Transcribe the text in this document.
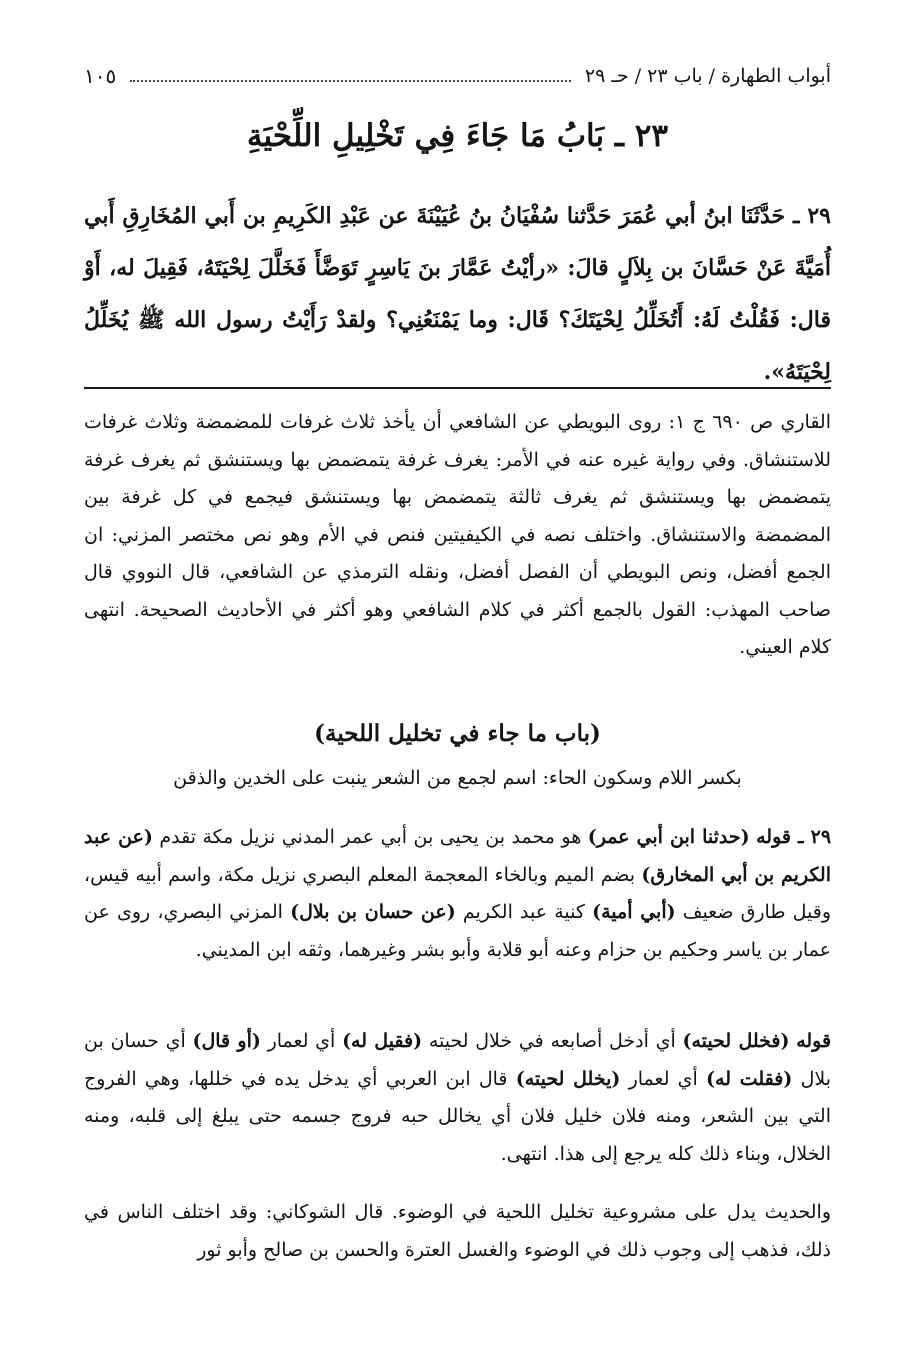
أبواب الطهارة / باب ٢٣ / حـ ٢٩
١٠٥
٢٣ ـ بَابُ مَا جَاءَ فِي تَخْلِيلِ اللِّحْيَةِ
٢٩ ـ حَدَّثَنَا ابنُ أبي عُمَرَ حَدَّثنا سُفْيَانُ بنُ عُيَيْنَةَ عن عَبْدِ الكَرِيمِ بن أَبي المُخَارِقِ أَبي أُمَيَّةَ عَنْ حَسَّانَ بن بِلاَلٍ قالَ: «رأيْتُ عَمَّارَ بنَ يَاسِرٍ تَوَضَّأَ فَخَلَّلَ لِحْيَتَهُ، فَقِيلَ له، أَوْ قال: فَقُلْتُ لَهُ: أَتُخَلِّلُ لِحْيَتَكَ؟ قَال: وما يَمْنَعُنِي؟ ولقدْ رَأَيْتُ رسول الله ﷺ يُخَلِّلُ لِحْيَتَهُ».
القاري ص ٦٩٠ ج ١: روى البويطي عن الشافعي أن يأخذ ثلاث غرفات للمضمضة وثلاث غرفات للاستنشاق. وفي رواية غيره عنه في الأمر: يغرف غرفة يتمضمض بها ويستنشق ثم يغرف غرفة يتمضمض بها ويستنشق ثم يغرف ثالثة يتمضمض بها ويستنشق فيجمع في كل غرفة بين المضمضة والاستنشاق. واختلف نصه في الكيفيتين فنص في الأم وهو نص مختصر المزني: ان الجمع أفضل، ونص البويطي أن الفصل أفضل، ونقله الترمذي عن الشافعي، قال النووي قال صاحب المهذب: القول بالجمع أكثر في كلام الشافعي وهو أكثر في الأحاديث الصحيحة. انتهى كلام العيني.
(باب ما جاء في تخليل اللحية)
بكسر اللام وسكون الحاء: اسم لجمع من الشعر ينبت على الخدين والذقن
٢٩ ـ قوله (حدثنا ابن أبي عمر) هو محمد بن يحيى بن أبي عمر المدني نزيل مكة تقدم (عن عبد الكريم بن أبي المخارق) بضم الميم وبالخاء المعجمة المعلم البصري نزيل مكة، واسم أبيه قيس، وقيل طارق ضعيف (أبي أمية) كنية عبد الكريم (عن حسان بن بلال) المزني البصري، روى عن عمار بن ياسر وحكيم بن حزام وعنه أبو قلابة وأبو بشر وغيرهما، وثقه ابن المديني.
قوله (فخلل لحيته) أي أدخل أصابعه في خلال لحيته (فقيل له) أي لعمار (أو قال) أي حسان بن بلال (فقلت له) أي لعمار (يخلل لحيته) قال ابن العربي أي يدخل يده في خللها، وهي الفروج التي بين الشعر، ومنه فلان خليل فلان أي يخالل حبه فروج جسمه حتى يبلغ إلى قلبه، ومنه الخلال، وبناء ذلك كله يرجع إلى هذا. انتهى.
والحديث يدل على مشروعية تخليل اللحية في الوضوء. قال الشوكاني: وقد اختلف الناس في ذلك، فذهب إلى وجوب ذلك في الوضوء والغسل العترة والحسن بن صالح وأبو ثور
